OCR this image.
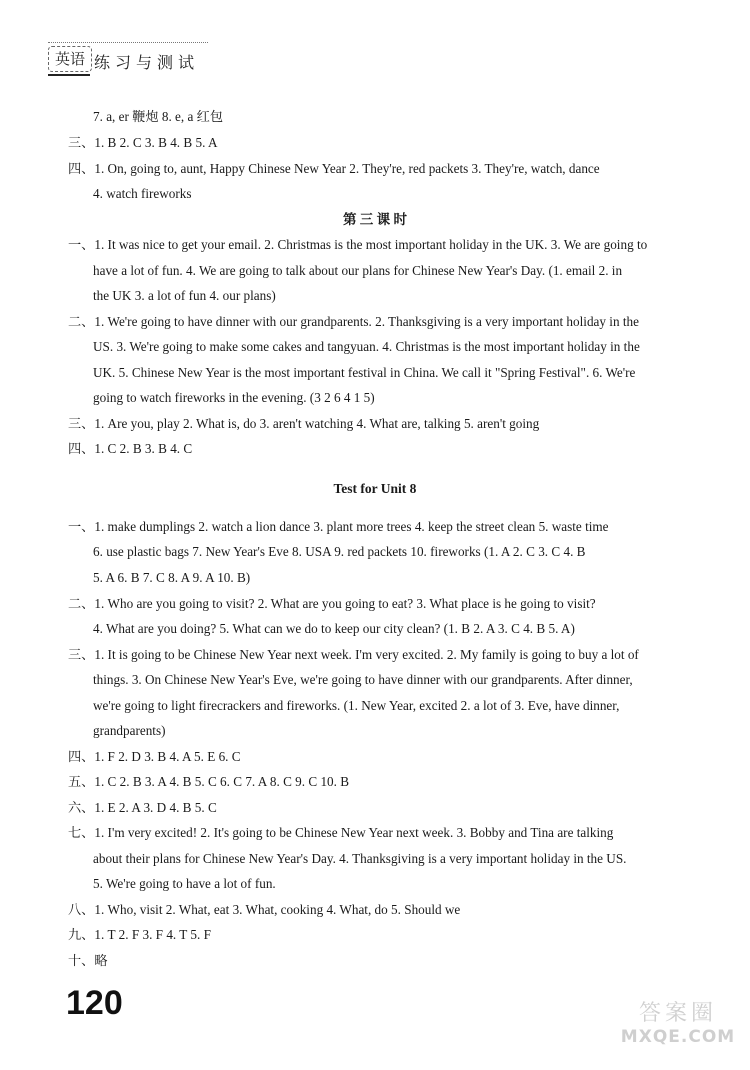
英语 练习与测试
7. a, er 鞭炮 8. e, a 红包
三、1. B 2. C 3. B 4. B 5. A
四、1. On, going to, aunt, Happy Chinese New Year 2. They're, red packets 3. They're, watch, dance
4. watch fireworks
第 三 课 时
一、1. It was nice to get your email. 2. Christmas is the most important holiday in the UK. 3. We are going to
have a lot of fun. 4. We are going to talk about our plans for Chinese New Year's Day. (1. email 2. in
the UK 3. a lot of fun 4. our plans)
二、1. We're going to have dinner with our grandparents. 2. Thanksgiving is a very important holiday in the
US. 3. We're going to make some cakes and tangyuan. 4. Christmas is the most important holiday in the
UK. 5. Chinese New Year is the most important festival in China. We call it "Spring Festival". 6. We're
going to watch fireworks in the evening. (3 2 6 4 1 5)
三、1. Are you, play 2. What is, do 3. aren't watching 4. What are, talking 5. aren't going
四、1. C 2. B 3. B 4. C
Test for Unit 8
一、1. make dumplings 2. watch a lion dance 3. plant more trees 4. keep the street clean 5. waste time
6. use plastic bags 7. New Year's Eve 8. USA 9. red packets 10. fireworks (1. A 2. C 3. C 4. B
5. A 6. B 7. C 8. A 9. A 10. B)
二、1. Who are you going to visit? 2. What are you going to eat? 3. What place is he going to visit?
4. What are you doing? 5. What can we do to keep our city clean? (1. B 2. A 3. C 4. B 5. A)
三、1. It is going to be Chinese New Year next week. I'm very excited. 2. My family is going to buy a lot of
things. 3. On Chinese New Year's Eve, we're going to have dinner with our grandparents. After dinner,
we're going to light firecrackers and fireworks. (1. New Year, excited 2. a lot of 3. Eve, have dinner,
grandparents)
四、1. F 2. D 3. B 4. A 5. E 6. C
五、1. C 2. B 3. A 4. B 5. C 6. C 7. A 8. C 9. C 10. B
六、1. E 2. A 3. D 4. B 5. C
七、1. I'm very excited! 2. It's going to be Chinese New Year next week. 3. Bobby and Tina are talking
about their plans for Chinese New Year's Day. 4. Thanksgiving is a very important holiday in the US.
5. We're going to have a lot of fun.
八、1. Who, visit 2. What, eat 3. What, cooking 4. What, do 5. Should we
九、1. T 2. F 3. F 4. T 5. F
十、略
120	答案圈
MXQE.COM
